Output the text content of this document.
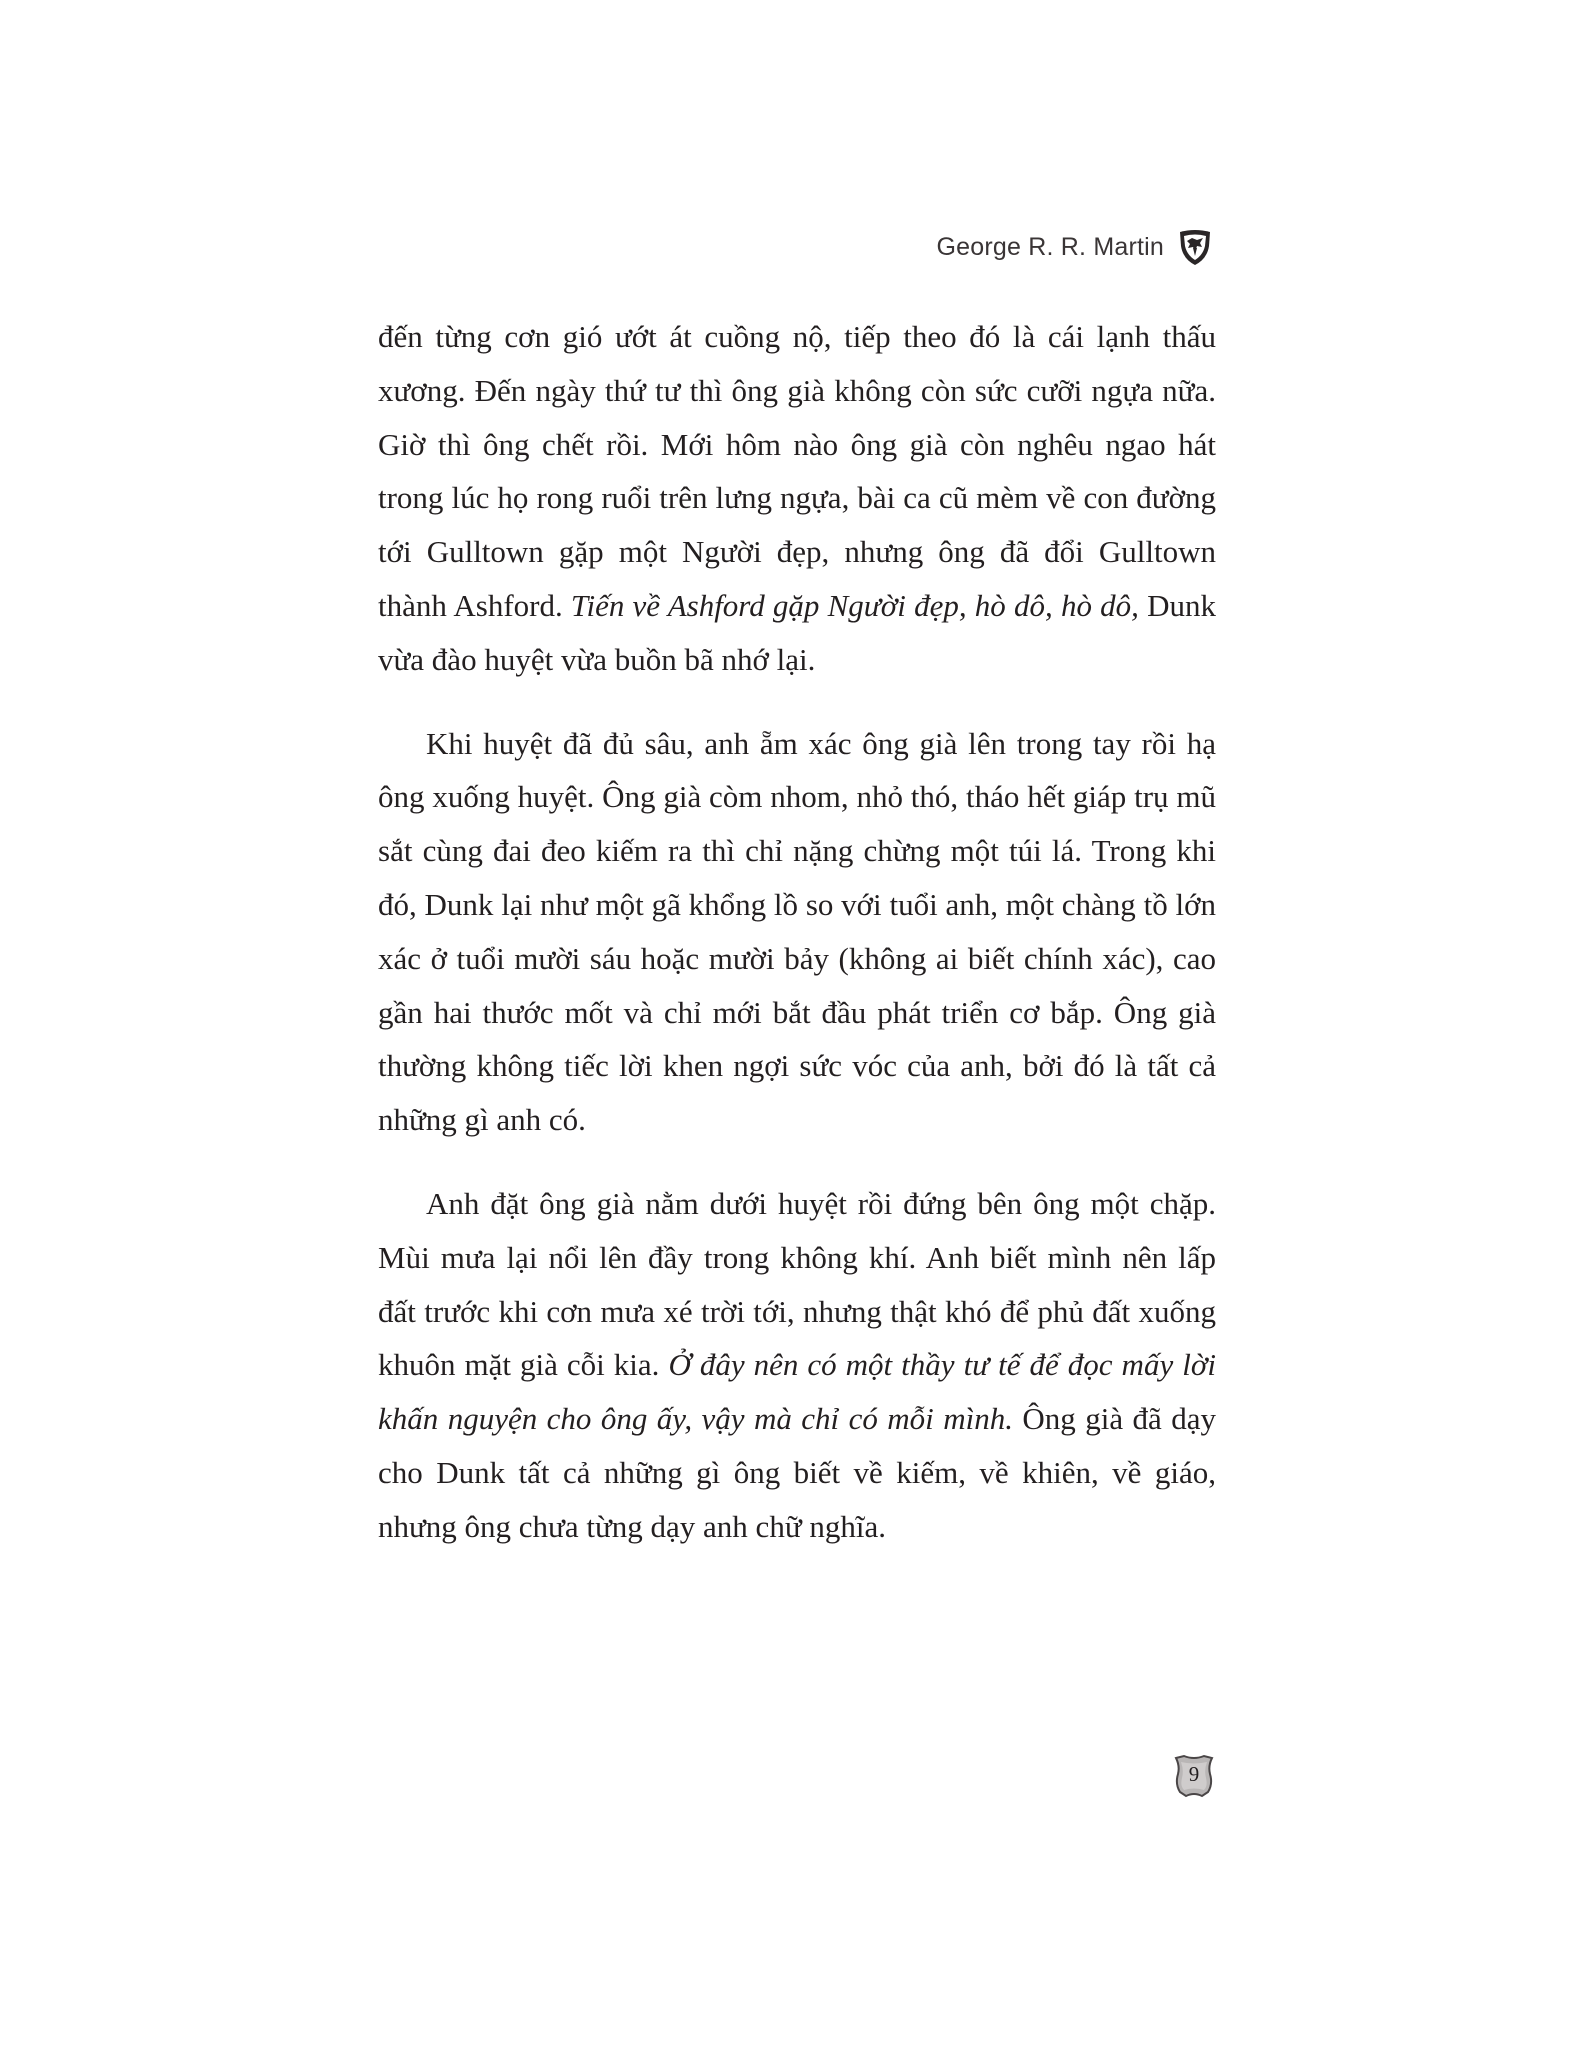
George R. R. Martin

đến từng cơn gió ướt át cuồng nộ, tiếp theo đó là cái lạnh thấu xương. Đến ngày thứ tư thì ông già không còn sức cưỡi ngựa nữa. Giờ thì ông chết rồi. Mới hôm nào ông già còn nghêu ngao hát trong lúc họ rong ruổi trên lưng ngựa, bài ca cũ mèm về con đường tới Gulltown gặp một Người đẹp, nhưng ông đã đổi Gulltown thành Ashford. Tiến về Ashford gặp Người đẹp, hò dô, hò dô, Dunk vừa đào huyệt vừa buồn bã nhớ lại.

Khi huyệt đã đủ sâu, anh ẵm xác ông già lên trong tay rồi hạ ông xuống huyệt. Ông già còm nhom, nhỏ thó, tháo hết giáp trụ mũ sắt cùng đai đeo kiếm ra thì chỉ nặng chừng một túi lá. Trong khi đó, Dunk lại như một gã khổng lồ so với tuổi anh, một chàng tồ lớn xác ở tuổi mười sáu hoặc mười bảy (không ai biết chính xác), cao gần hai thước mốt và chỉ mới bắt đầu phát triển cơ bắp. Ông già thường không tiếc lời khen ngợi sức vóc của anh, bởi đó là tất cả những gì anh có.

Anh đặt ông già nằm dưới huyệt rồi đứng bên ông một chặp. Mùi mưa lại nổi lên đầy trong không khí. Anh biết mình nên lấp đất trước khi cơn mưa xé trời tới, nhưng thật khó để phủ đất xuống khuôn mặt già cỗi kia. Ở đây nên có một thầy tư tế để đọc mấy lời khấn nguyện cho ông ấy, vậy mà chỉ có mỗi mình. Ông già đã dạy cho Dunk tất cả những gì ông biết về kiếm, về khiên, về giáo, nhưng ông chưa từng dạy anh chữ nghĩa.

9
